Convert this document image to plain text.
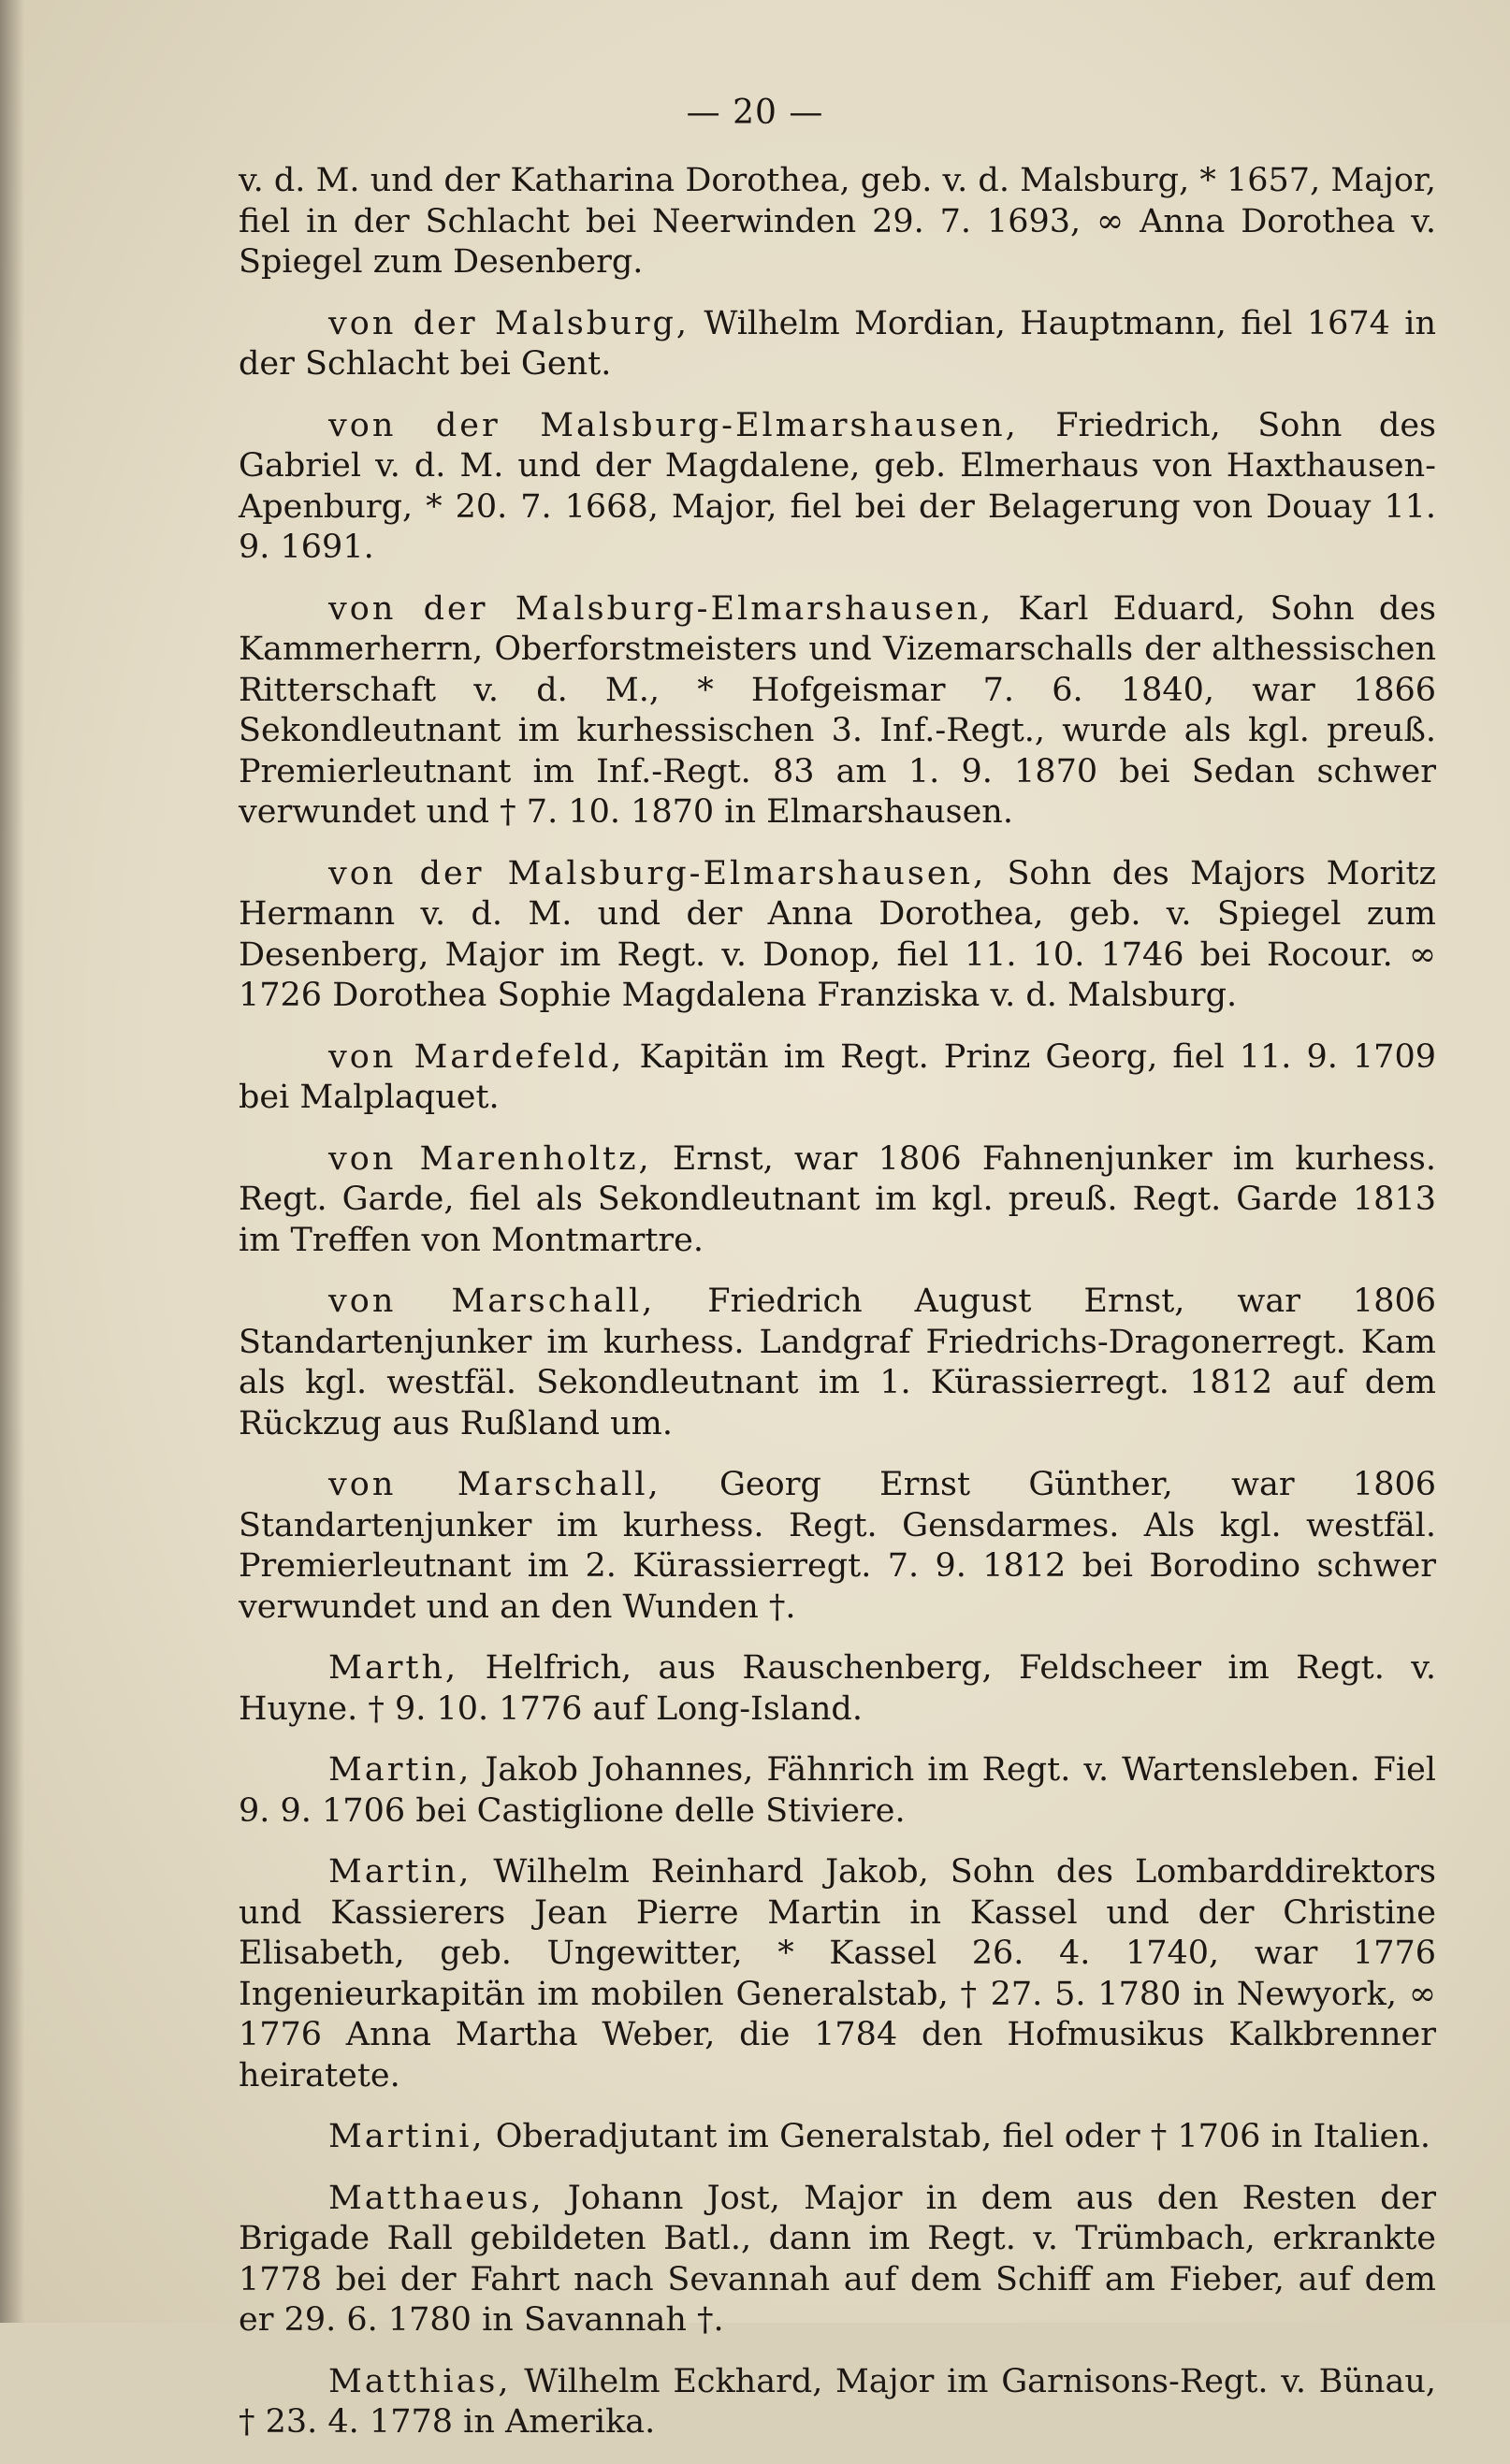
— 20 —

v. d. M. und der Katharina Dorothea, geb. v. d. Malsburg, * 1657, Major, fiel in der Schlacht bei Neerwinden 29. 7. 1693, ∞ Anna Dorothea v. Spiegel zum Desenberg.

von der Malsburg, Wilhelm Mordian, Hauptmann, fiel 1674 in der Schlacht bei Gent.

von der Malsburg-Elmarshausen, Friedrich, Sohn des Gabriel v. d. M. und der Magdalene, geb. Elmerhaus von Haxthausen-Apenburg, * 20. 7. 1668, Major, fiel bei der Belagerung von Douay 11. 9. 1691.

von der Malsburg-Elmarshausen, Karl Eduard, Sohn des Kammerherrn, Oberforstmeisters und Vizemarschalls der althessischen Ritterschaft v. d. M., * Hofgeismar 7. 6. 1840, war 1866 Sekondleutnant im kurhessischen 3. Inf.-Regt., wurde als kgl. preuß. Premierleutnant im Inf.-Regt. 83 am 1. 9. 1870 bei Sedan schwer verwundet und † 7. 10. 1870 in Elmarshausen.

von der Malsburg-Elmarshausen, Sohn des Majors Moritz Hermann v. d. M. und der Anna Dorothea, geb. v. Spiegel zum Desenberg, Major im Regt. v. Donop, fiel 11. 10. 1746 bei Rocour. ∞ 1726 Dorothea Sophie Magdalena Franziska v. d. Malsburg.

von Mardefeld, Kapitän im Regt. Prinz Georg, fiel 11. 9. 1709 bei Malplaquet.

von Marenholtz, Ernst, war 1806 Fahnenjunker im kurhess. Regt. Garde, fiel als Sekondleutnant im kgl. preuß. Regt. Garde 1813 im Treffen von Montmartre.

von Marschall, Friedrich August Ernst, war 1806 Standartenjunker im kurhess. Landgraf Friedrichs-Dragonerregt. Kam als kgl. westfäl. Sekondleutnant im 1. Kürassierregt. 1812 auf dem Rückzug aus Rußland um.

von Marschall, Georg Ernst Günther, war 1806 Standartenjunker im kurhess. Regt. Gensdarmes. Als kgl. westfäl. Premierleutnant im 2. Kürassierregt. 7. 9. 1812 bei Borodino schwer verwundet und an den Wunden †.

Marth, Helfrich, aus Rauschenberg, Feldscheer im Regt. v. Huyne. † 9. 10. 1776 auf Long-Island.

Martin, Jakob Johannes, Fähnrich im Regt. v. Wartensleben. Fiel 9. 9. 1706 bei Castiglione delle Stiviere.

Martin, Wilhelm Reinhard Jakob, Sohn des Lombarddirektors und Kassierers Jean Pierre Martin in Kassel und der Christine Elisabeth, geb. Ungewitter, * Kassel 26. 4. 1740, war 1776 Ingenieurkapitän im mobilen Generalstab, † 27. 5. 1780 in Newyork, ∞ 1776 Anna Martha Weber, die 1784 den Hofmusikus Kalkbrenner heiratete.

Martini, Oberadjutant im Generalstab, fiel oder † 1706 in Italien.

Matthaeus, Johann Jost, Major in dem aus den Resten der Brigade Rall gebildeten Batl., dann im Regt. v. Trümbach, erkrankte 1778 bei der Fahrt nach Sevannah auf dem Schiff am Fieber, auf dem er 29. 6. 1780 in Savannah †.

Matthias, Wilhelm Eckhard, Major im Garnisons-Regt. v. Bünau, † 23. 4. 1778 in Amerika.
